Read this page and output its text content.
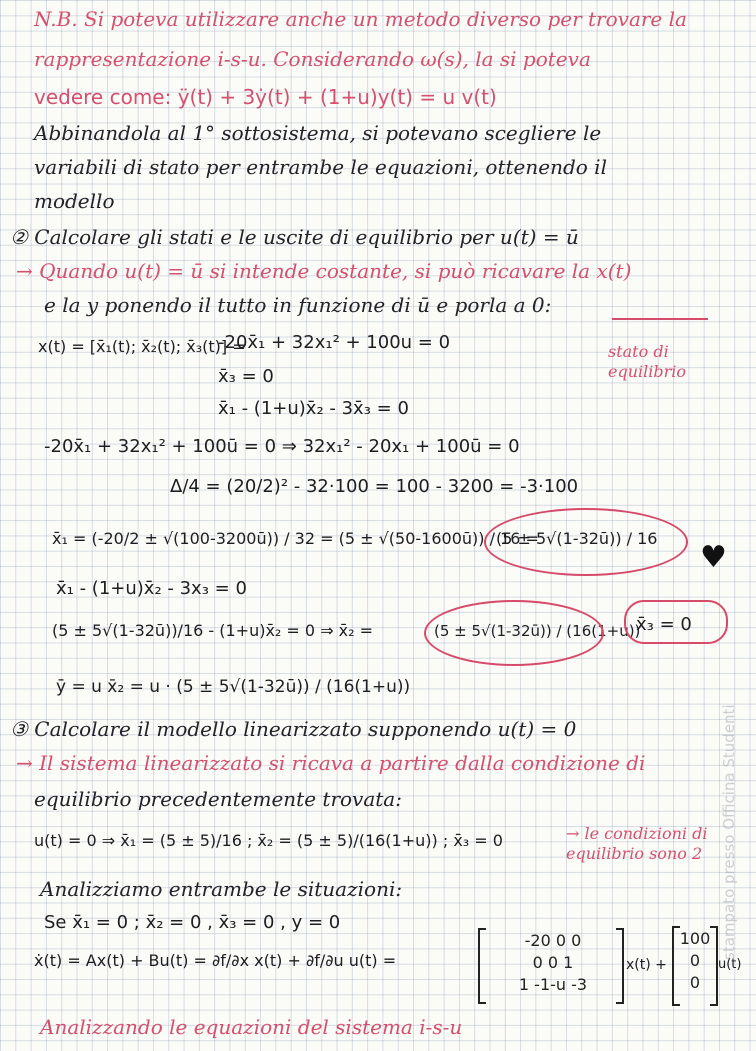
N.B. Si poteva utilizzare anche un metodo diverso per trovare la
rappresentazione i-s-u. Considerando ω(s), la si poteva
vedere come: ÿ(t) + 3ẏ(t) + (1+u)y(t) = u v(t)
Abbinandola al 1° sottosistema, si potevano scegliere le
variabili di stato per entrambe le equazioni, ottenendo il
modello
② Calcolare gli stati e le uscite di equilibrio per u(t) = ū
→ Quando u(t) = ū si intende costante, si può ricavare la x(t)
e la y ponendo il tutto in funzione di ū e porla a 0:
stato di equilibrio
x(t) = [x̄₁(t); x̄₂(t); x̄₃(t)] =
-20x̄₁ + 32x₁² + 100u = 0
x̄₃ = 0
x̄₁ - (1+u)x̄₂ - 3x̄₃ = 0
-20x̄₁ + 32x₁² + 100ū = 0 ⇒ 32x₁² - 20x₁ + 100ū = 0
Δ/4 = (20/2)² - 32·100 = 100 - 3200 = -3·100
x̄₁ = (-20/2 ± √(100-3200ū)) / 32 = (5 ± √(50-1600ū)) / 16 =
(5 ± 5√(1-32ū)) / 16
♥
x̄₁ - (1+u)x̄₂ - 3x₃ = 0
(5 ± 5√(1-32ū))/16 - (1+u)x̄₂ = 0 ⇒ x̄₂ =	(5 ± 5√(1-32ū)) / (16(1+u))
x̄₃ = 0
ȳ = u x̄₂ = u · (5 ± 5√(1-32ū)) / (16(1+u))
③ Calcolare il modello linearizzato supponendo u(t) = 0
→ Il sistema linearizzato si ricava a partire dalla condizione di
equilibrio precedentemente trovata:
u(t) = 0 ⇒ x̄₁ = (5 ± 5)/16 ; x̄₂ = (5 ± 5)/(16(1+u)) ; x̄₃ = 0	→ le condizioni di equilibrio sono 2
Analizziamo entrambe le situazioni:
Se x̄₁ = 0 ; x̄₂ = 0 , x̄₃ = 0 , y = 0
ẋ(t) = Ax(t) + Bu(t) = ∂f/∂x x(t) + ∂f/∂u u(t) =
-20 0 0
0 0 1
1 -1-u -3
x(t) +
100
0
0
u(t)
Analizzando le equazioni del sistema i-s-u
stampato presso Officina Studenti
